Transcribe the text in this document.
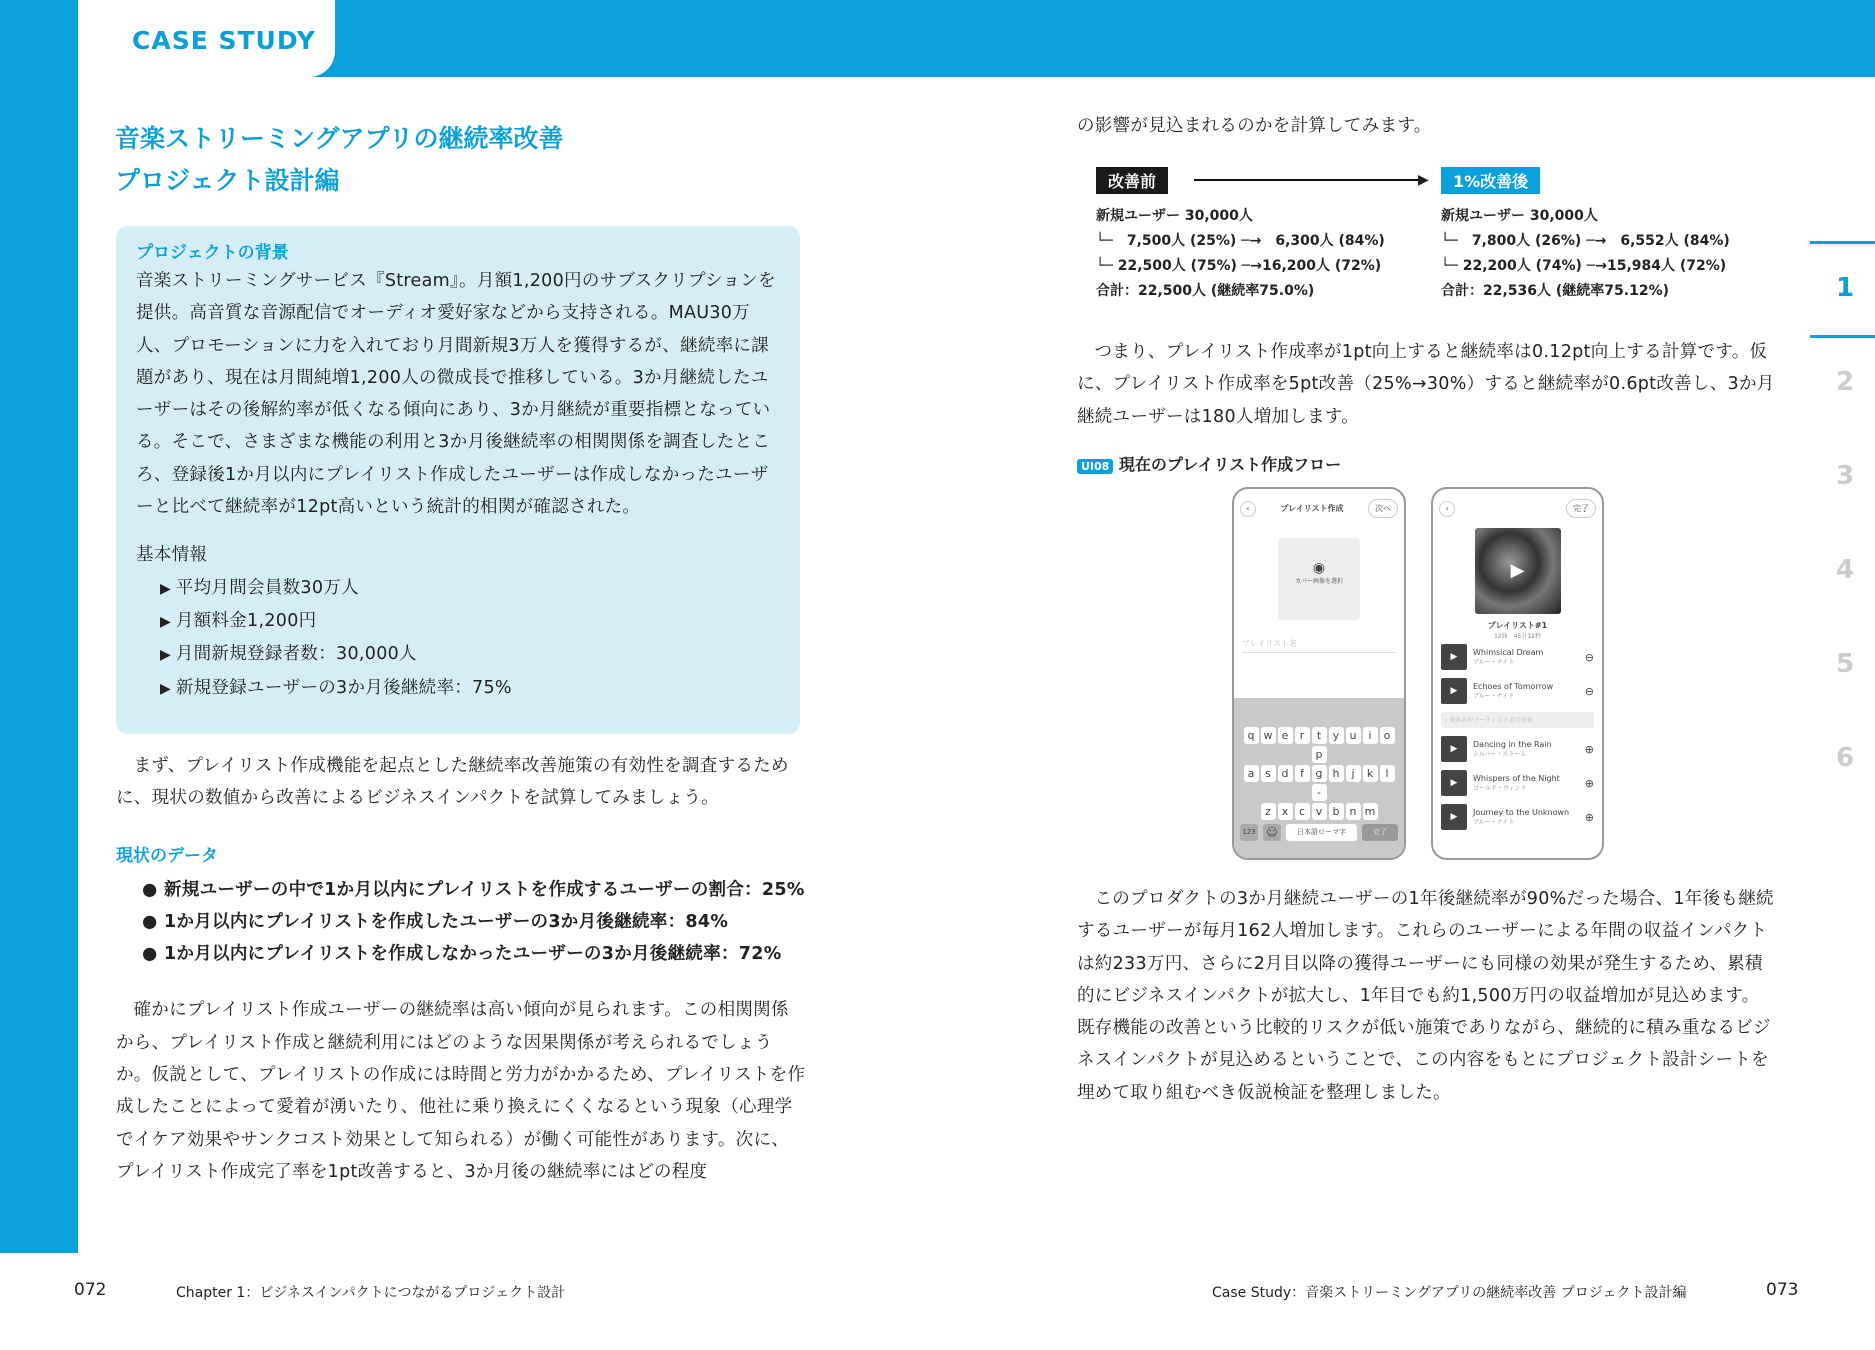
CASE STUDY
音楽ストリーミングアプリの継続率改善
プロジェクト設計編
プロジェクトの背景
音楽ストリーミングサービス『Stream』。月額1,200円のサブスクリプションを提供。高音質な音源配信でオーディオ愛好家などから支持される。MAU30万人、プロモーションに力を入れており月間新規3万人を獲得するが、継続率に課題があり、現在は月間純増1,200人の微成長で推移している。3か月継続したユーザーはその後解約率が低くなる傾向にあり、3か月継続が重要指標となっている。そこで、さまざまな機能の利用と3か月後継続率の相関関係を調査したところ、登録後1か月以内にプレイリスト作成したユーザーは作成しなかったユーザーと比べて継続率が12pt高いという統計的相関が確認された。
基本情報
▶ 平均月間会員数30万人
▶ 月額料金1,200円
▶ 月間新規登録者数：30,000人
▶ 新規登録ユーザーの3か月後継続率：75%
まず、プレイリスト作成機能を起点とした継続率改善施策の有効性を調査するために、現状の数値から改善によるビジネスインパクトを試算してみましょう。
現状のデータ
● 新規ユーザーの中で1か月以内にプレイリストを作成するユーザーの割合：25%
● 1か月以内にプレイリストを作成したユーザーの3か月後継続率：84%
● 1か月以内にプレイリストを作成しなかったユーザーの3か月後継続率：72%
確かにプレイリスト作成ユーザーの継続率は高い傾向が見られます。この相関関係から、プレイリスト作成と継続利用にはどのような因果関係が考えられるでしょうか。仮説として、プレイリストの作成には時間と労力がかかるため、プレイリストを作成したことによって愛着が湧いたり、他社に乗り換えにくくなるという現象（心理学でイケア効果やサンクコスト効果として知られる）が働く可能性があります。次に、プレイリスト作成完了率を1pt改善すると、3か月後の継続率にはどの程度
の影響が見込まれるのかを計算してみます。
改善前	▶	1%改善後
新規ユーザー 30,000人
└─　7,500人 (25%) ─→　6,300人 (84%)
└─ 22,500人 (75%) ─→16,200人 (72%)
合計：22,500人 (継続率75.0%)
新規ユーザー 30,000人
└─　7,800人 (26%) ─→　6,552人 (84%)
└─ 22,200人 (74%) ─→15,984人 (72%)
合計：22,536人 (継続率75.12%)
つまり、プレイリスト作成率が1pt向上すると継続率は0.12pt向上する計算です。仮に、プレイリスト作成率を5pt改善（25%→30%）すると継続率が0.6pt改善し、3か月継続ユーザーは180人増加します。
UI08 現在のプレイリスト作成フロー
‹	プレイリスト作成	次へ
◉
カバー画像を選択
プレイリスト名
q w e r t y u i op
a s d f g h j k l-
z x c v b n m
123 ☺	日本語ローマ字	完了
‹	完了
▶
プレイリスト#1
12曲　 45分12秒
▶	Whimsical Dream
ブルー・ナイト	⊖
▶	Echoes of Tomorrow
ブルー・ナイト	⊖
⌕ 楽曲名やアーティスト名で検索
▶	Dancing in the Rain
シルバー・ストーム	⊕
▶	Whispers of the Night
ゴールド・ウィンド	⊕
▶	Journey to the Unknown
ブルー・ナイト	⊕
このプロダクトの3か月継続ユーザーの1年後継続率が90%だった場合、1年後も継続するユーザーが毎月162人増加します。これらのユーザーによる年間の収益インパクトは約233万円、さらに2月目以降の獲得ユーザーにも同様の効果が発生するため、累積的にビジネスインパクトが拡大し、1年目でも約1,500万円の収益増加が見込めます。既存機能の改善という比較的リスクが低い施策でありながら、継続的に積み重なるビジネスインパクトが見込めるということで、この内容をもとにプロジェクト設計シートを埋めて取り組むべき仮説検証を整理しました。
1
2
3
4
5
6
072	Chapter 1：ビジネスインパクトにつながるプロジェクト設計	Case Study：音楽ストリーミングアプリの継続率改善 プロジェクト設計編	073
